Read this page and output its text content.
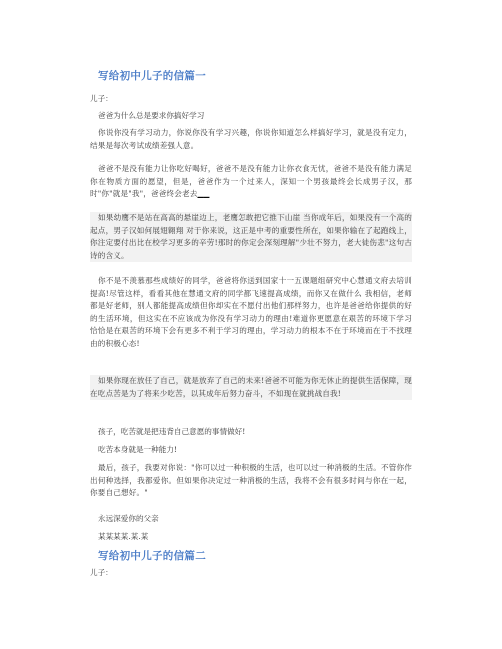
写给初中儿子的信篇一

儿子：

爸爸为什么总是要求你搞好学习

你说你没有学习动力，你说你没有学习兴趣，你说你知道怎么样搞好学习，就是没有定力，结果是每次考试成绩差强人意。

爸爸不是没有能力让你吃好喝好，爸爸不是没有能力让你衣食无忧，爸爸不是没有能力满足你在物质方面的愿望，但是，爸爸作为一个过来人，深知一个男孩最终会长成男子汉，那时"你"就是"我"，爸爸终会老去▁▁

如果幼鹰不是站在高高的悬崖边上，老鹰怎敢把它推下山崖 当你成年后，如果没有一个高的起点，男子汉如何展翅翱翔 对于你来说，这正是中考的重要性所在，如果你输在了起跑线上，你注定要付出比在校学习更多的辛劳!那时的你定会深刻理解"少壮不努力，老大徒伤悲"这句古诗的含义。

你不是不羡慕那些成绩好的同学，爸爸将你送到国家十一五课题组研究中心慧通文府去培训提高!尽管这样，看看其他在慧通文府的同学都飞速提高成绩，而你又在做什么 我相信，老师都是好老师，别人都能提高成绩但你却实在不愿付出他们那样努力，也许是爸爸给你提供的好的生活环境，但这实在不应该成为你没有学习动力的理由!难道你更愿意在艰苦的环境下学习 恰恰是在艰苦的环境下会有更多不利于学习的理由，学习动力的根本不在于环境而在于不找理由的积极心态!

如果你现在放任了自己，就是放弃了自己的未来!爸爸不可能为你无休止的提供生活保障，现在吃点苦是为了将来少吃苦，以其成年后努力奋斗，不如现在就挑战自我!

孩子，吃苦就是把违背自己意愿的事情做好!

吃苦本身就是一种能力!

最后，孩子，我要对你说："你可以过一种积极的生活，也可以过一种消极的生活。不管你作出何种选择，我都爱你。但如果你决定过一种消极的生活，我将不会有很多时间与你在一起，你要自己想好。"

永远深爱你的父亲

某某某某.某.某

写给初中儿子的信篇二

儿子：
